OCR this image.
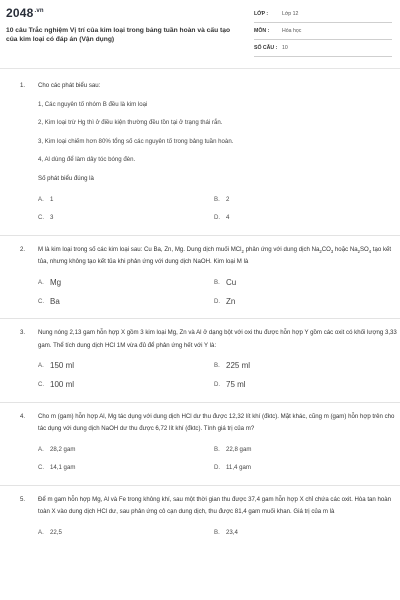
$2048^{.vn}$
10 câu Trắc nghiệm Vị trí của kim loại trong bảng tuần hoàn và cấu tạo của kim loại có đáp án (Vận dụng)
LỚP :	Lớp 12
MÔN :	Hóa học
SỐ CÂU : 10
1. Cho các phát biểu sau:

1, Các nguyên tố nhóm B đều là kim loại

2, Kim loại trừ Hg thì ở điều kiện thường đều tồn tại ở trạng thái rắn.

3, Kim loại chiếm hơn 80% tổng số các nguyên tố trong bảng tuần hoàn.

4, Al dùng để làm dây tóc bóng đèn.

Số phát biểu đúng là

A.	1	B.	2
C. 3	D. 4
2. M là kim loại trong số các kim loại sau: Cu Ba, Zn, Mg. Dung dịch muối MCl$_2$ phản ứng với dung dịch $Na_2CO_3$ hoặc $Na_2SO_4$ tạo kết tủa, nhưng không tạo kết tủa khi phản ứng với dung dịch NaOH. Kim loại M là

A. Mg	B. Cu
C. Ba	D. Zn
3. Nung nóng 2,13 gam hỗn hợp X gồm 3 kim loại Mg, Zn và Al ở dạng bột với oxi thu được hỗn hợp Y gồm các oxit có khối lượng 3,33 gam. Thể tích dung dịch HCl 1M vừa đủ để phản ứng hết với Y là:

A. 150 ml	B. 225 ml
C. 100 ml	D. 75 ml
4. Cho m (gam) hỗn hợp Al, Mg tác dụng với dung dịch HCl dư thu được 12,32 lít khí (đktc). Mặt khác, cũng m (gam) hỗn hợp trên cho tác dụng với dung dịch NaOH dư thu được 6,72 lít khí (đktc). Tính giá trị của m?

A.	28,2 gam	B.	22,8 gam
C. 14,1 gam	D. 11,4 gam
5. Để m gam hỗn hợp Mg, Al và Fe trong không khí, sau một thời gian thu được 37,4 gam hỗn hợp X chỉ chứa các oxit. Hòa tan hoàn toàn X vào dung dịch HCl dư, sau phản ứng cô cạn dung dịch, thu được 81,4 gam muối khan. Giá trị của m là

A.	22,5	B.	23,4
